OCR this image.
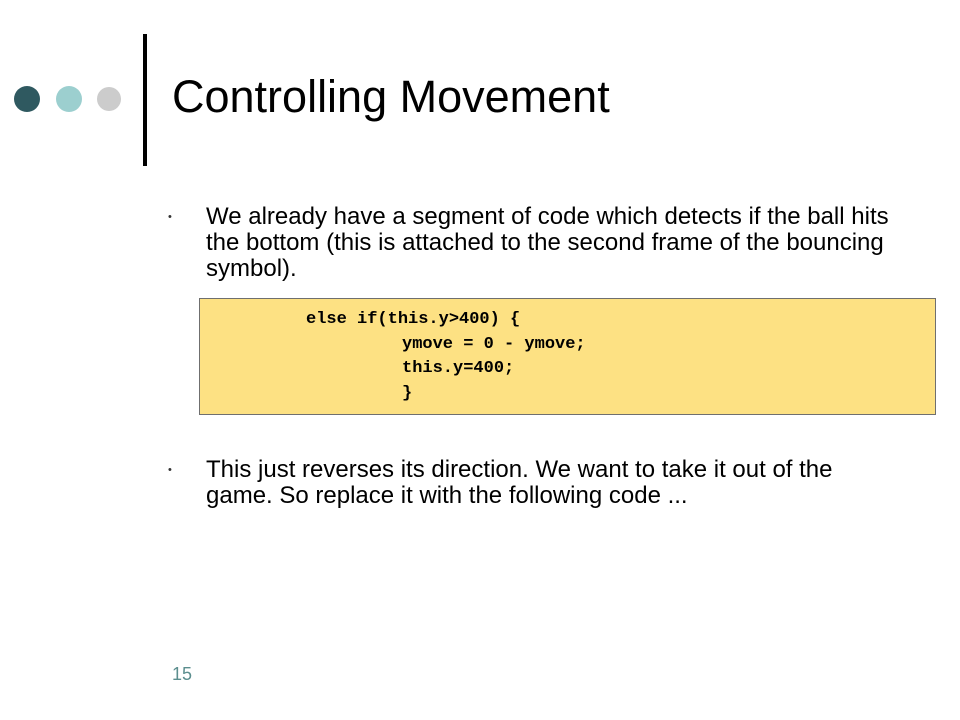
Controlling Movement
• We already have a segment of code which detects if the ball hits the bottom (this is attached to the second frame of the bouncing symbol).

else if(this.y>400) {
ymove = 0 - ymove;
this.y=400;
}
• This just reverses its direction. We want to take it out of the game. So replace it with the following code ...

15
